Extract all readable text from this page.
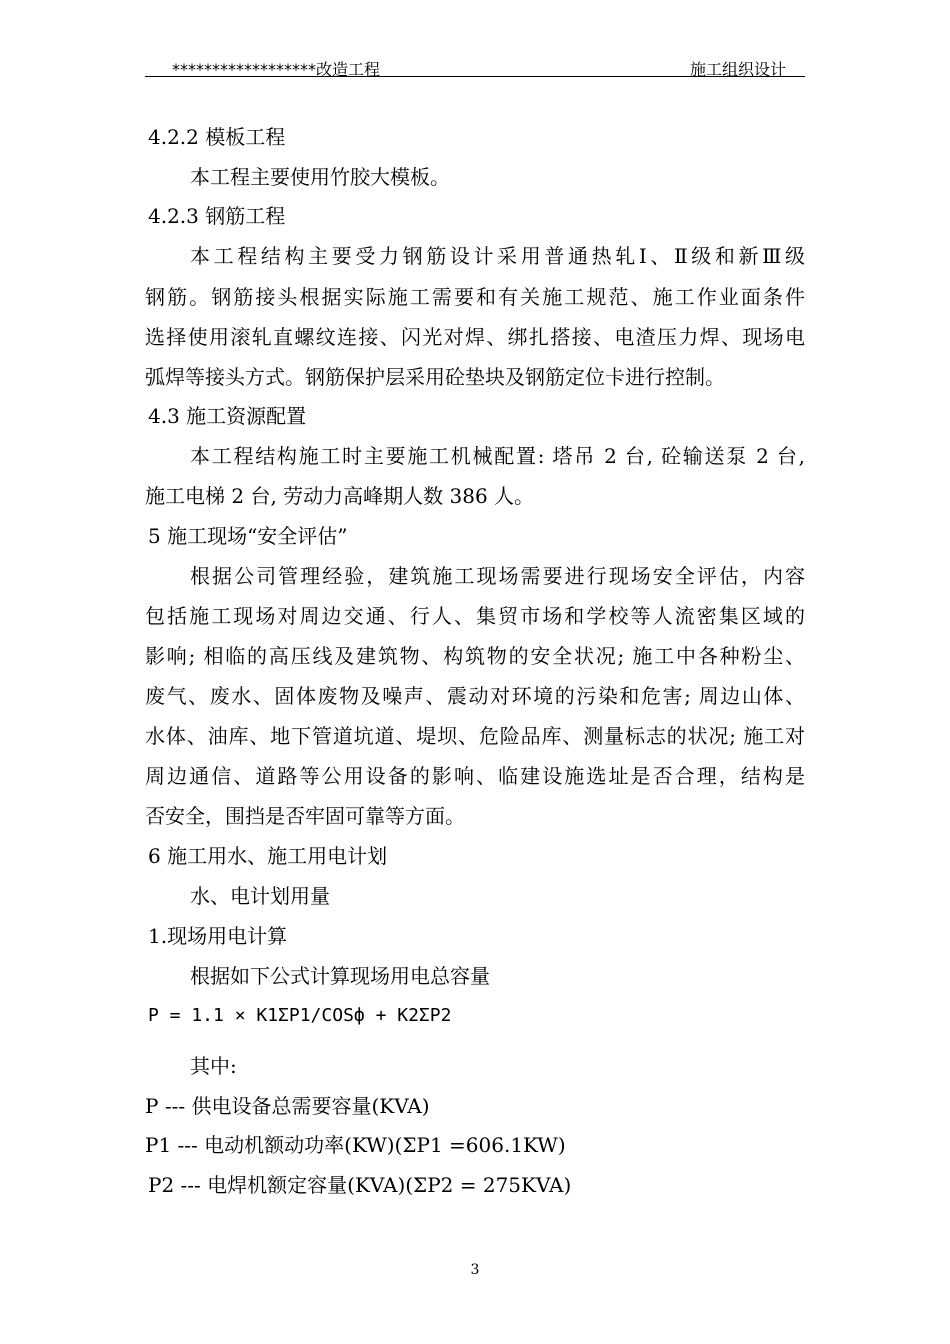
******************改造工程	施工组织设计
4.2.2 模板工程
本工程主要使用竹胶大模板。
4.2.3 钢筋工程
本工程结构主要受力钢筋设计采用普通热轧Ⅰ、Ⅱ级和新Ⅲ级
钢筋。钢筋接头根据实际施工需要和有关施工规范、施工作业面条件
选择使用滚轧直螺纹连接、闪光对焊、绑扎搭接、电渣压力焊、现场电
弧焊等接头方式。钢筋保护层采用砼垫块及钢筋定位卡进行控制。
4.3 施工资源配置
本工程结构施工时主要施工机械配置: 塔吊 2 台, 砼输送泵 2 台,
施工电梯 2 台, 劳动力高峰期人数 386 人。
5 施工现场“安全评估”
根据公司管理经验，建筑施工现场需要进行现场安全评估，内容
包括施工现场对周边交通、行人、集贸市场和学校等人流密集区域的
影响; 相临的高压线及建筑物、构筑物的安全状况; 施工中各种粉尘、
废气、废水、固体废物及噪声、震动对环境的污染和危害; 周边山体、
水体、油库、地下管道坑道、堤坝、危险品库、测量标志的状况; 施工对
周边通信、道路等公用设备的影响、临建设施选址是否合理，结构是
否安全，围挡是否牢固可靠等方面。
6 施工用水、施工用电计划
水、电计划用量
1.现场用电计算
根据如下公式计算现场用电总容量
P = 1.1 × K1ΣP1/COSф + K2ΣP2
其中:
P --- 供电设备总需要容量(KVA)
P1 --- 电动机额动功率(KW)(ΣP1 =606.1KW)
P2 --- 电焊机额定容量(KVA)(ΣP2 = 275KVA)
3
